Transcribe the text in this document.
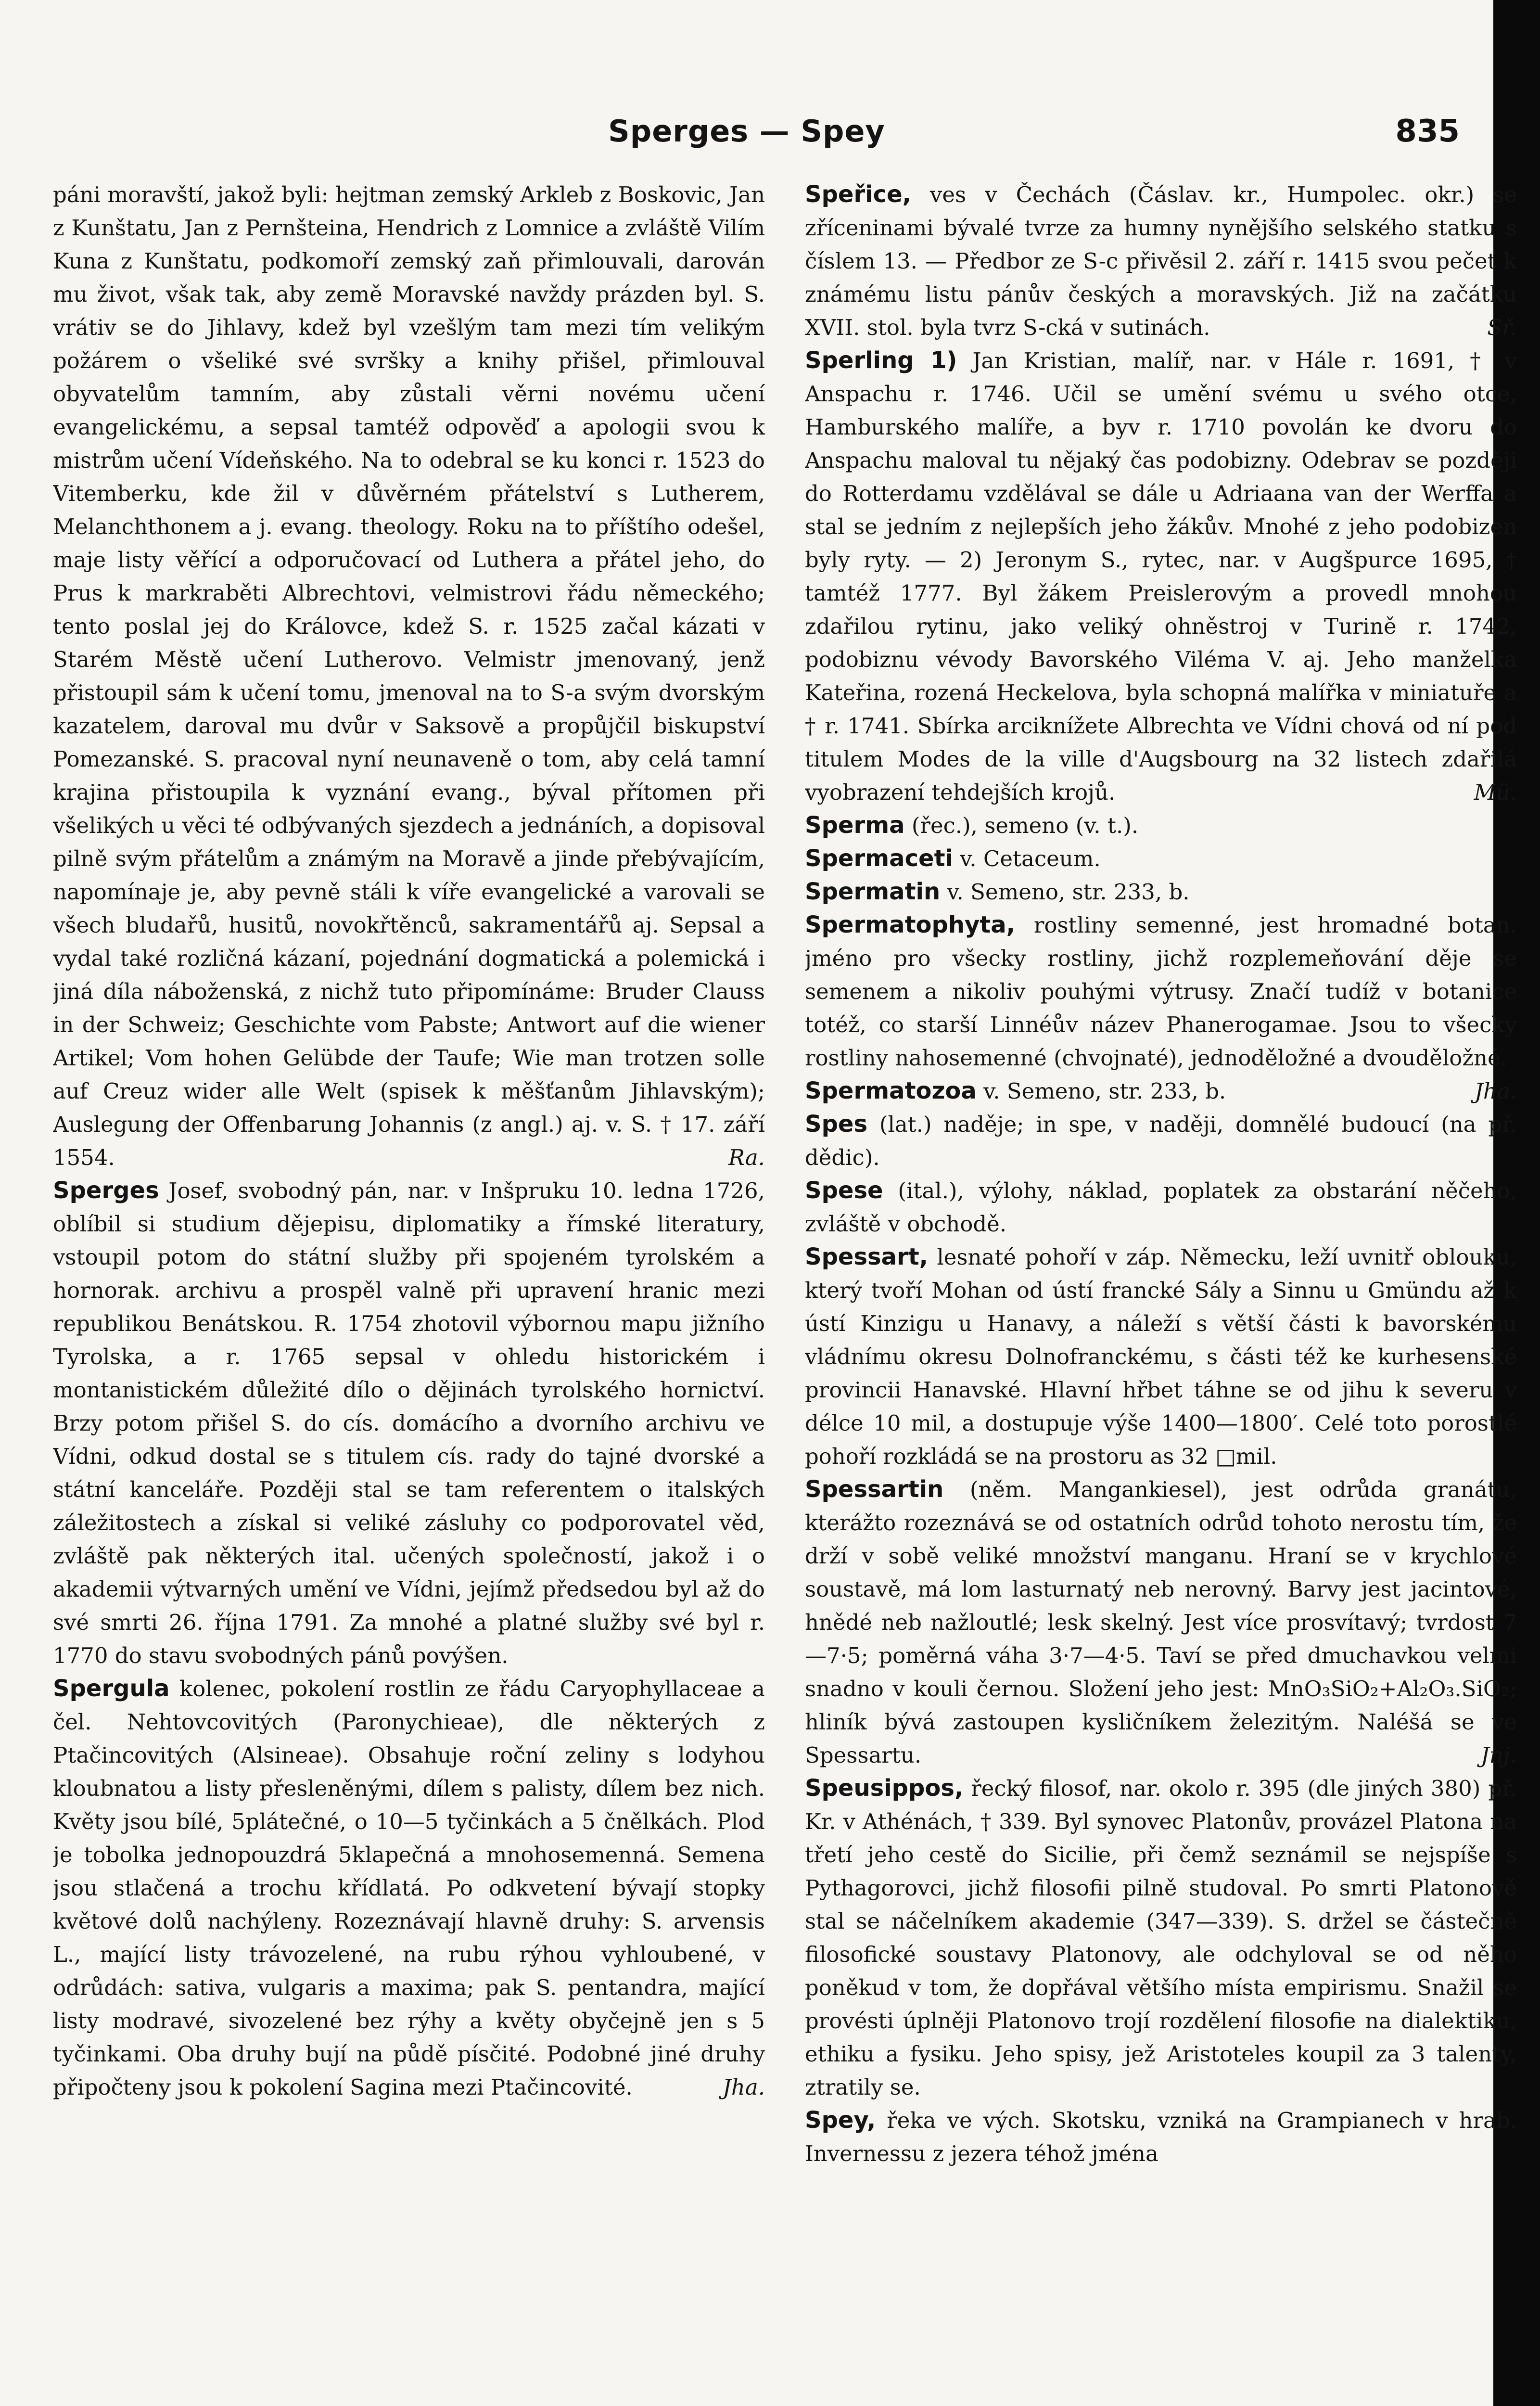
Sperges — Spey	835

páni moravští, jakož byli: hejtman zemský Arkleb z Boskovic, Jan z Kunštatu, Jan z Pernšteina, Hendrich z Lomnice a zvláště Vilím Kuna z Kunštatu, podkomoří zemský zaň přimlouvali, darován mu život, však tak, aby země Moravské navždy prázden byl. S. vrátiv se do Jihlavy, kdež byl vzešlým tam mezi tím velikým požárem o všeliké své svršky a knihy přišel, přimlouval obyvatelům tamním, aby zůstali věrni novému učení evangelickému, a sepsal tamtéž odpověď a apologii svou k mistrům učení Vídeňského. Na to odebral se ku konci r. 1523 do Vitemberku, kde žil v důvěrném přátelství s Lutherem, Melanchthonem a j. evang. theology. Roku na to příštího odešel, maje listy věřící a odporučovací od Luthera a přátel jeho, do Prus k markraběti Albrechtovi, velmistrovi řádu německého; tento poslal jej do Královce, kdež S. r. 1525 začal kázati v Starém Městě učení Lutherovo. Velmistr jmenovaný, jenž přistoupil sám k učení tomu, jmenoval na to S-a svým dvorským kazatelem, daroval mu dvůr v Saksově a propůjčil biskupství Pomezanské. S. pracoval nyní neunaveně o tom, aby celá tamní krajina přistoupila k vyznání evang., býval přítomen při všelikých u věci té odbývaných sjezdech a jednáních, a dopisoval pilně svým přátelům a známým na Moravě a jinde přebývajícím, napomínaje je, aby pevně stáli k víře evangelické a varovali se všech bludařů, husitů, novokřtěnců, sakramentářů aj. Sepsal a vydal také rozličná kázaní, pojednání dogmatická a polemická i jiná díla náboženská, z nichž tuto připomínáme: Bruder Clauss in der Schweiz; Geschichte vom Pabste; Antwort auf die wiener Artikel; Vom hohen Gelübde der Taufe; Wie man trotzen solle auf Creuz wider alle Welt (spisek k měšťanům Jihlavským); Auslegung der Offenbarung Johannis (z angl.) aj. v. S. † 17. září 1554.	Ra.

Sperges Josef, svobodný pán, nar. v Inšpruku 10. ledna 1726, oblíbil si studium dějepisu, diplomatiky a římské literatury, vstoupil potom do státní služby při spojeném tyrolském a hornorak. archivu a prospěl valně při upravení hranic mezi republikou Benátskou. R. 1754 zhotovil výbornou mapu jižního Tyrolska, a r. 1765 sepsal v ohledu historickém i montanistickém důležité dílo o dějinách tyrolského hornictví. Brzy potom přišel S. do cís. domácího a dvorního archivu ve Vídni, odkud dostal se s titulem cís. rady do tajné dvorské a státní kanceláře. Později stal se tam referentem o italských záležitostech a získal si veliké zásluhy co podporovatel věd, zvláště pak některých ital. učených společností, jakož i o akademii výtvarných umění ve Vídni, jejímž předsedou byl až do své smrti 26. října 1791. Za mnohé a platné služby své byl r. 1770 do stavu svobodných pánů povýšen.

Spergula kolenec, pokolení rostlin ze řádu Caryophyllaceae a čel. Nehtovcovitých (Paronychieae), dle některých z Ptačincovitých (Alsineae). Obsahuje roční zeliny s lodyhou kloubnatou a listy přesleněnými, dílem s palisty, dílem bez nich. Květy jsou bílé, 5plátečné, o 10—5 tyčinkách a 5 čnělkách. Plod je tobolka jednopouzdrá 5klapečná a mnohosemenná. Semena jsou stlačená a trochu křídlatá. Po odkvetení bývají stopky květové dolů nachýleny. Rozeznávají hlavně druhy: S. arvensis L., mající listy trávozelené, na rubu rýhou vyhloubené, v odrůdách: sativa, vulgaris a maxima; pak S. pentandra, mající listy modravé, sivozelené bez rýhy a květy obyčejně jen s 5 tyčinkami. Oba druhy bují na půdě písčité. Podobné jiné druhy připočteny jsou k pokolení Sagina mezi Ptačincovité.	Jha.

Speřice, ves v Čechách (Čáslav. kr., Humpolec. okr.) se zříceninami bývalé tvrze za humny nynějšího selského statku s číslem 13. — Předbor ze S-c přivěsil 2. září r. 1415 svou pečeť k známému listu pánův českých a moravských. Již na začátku XVII. stol. byla tvrz S-cká v sutinách.	Sř.

Sperling 1) Jan Kristian, malíř, nar. v Hále r. 1691, † v Anspachu r. 1746. Učil se umění svému u svého otce, Hamburského malíře, a byv r. 1710 povolán ke dvoru do Anspachu maloval tu nějaký čas podobizny. Odebrav se později do Rotterdamu vzdělával se dále u Adriaana van der Werffa a stal se jedním z nejlepších jeho žákův. Mnohé z jeho podobizen byly ryty. — 2) Jeronym S., rytec, nar. v Augšpurce 1695, † tamtéž 1777. Byl žákem Preislerovým a provedl mnohou zdařilou rytinu, jako veliký ohněstroj v Turině r. 1742, podobiznu vévody Bavorského Viléma V. aj. Jeho manželka Kateřina, rozená Heckelova, byla schopná malířka v miniatuře a † r. 1741. Sbírka arciknížete Albrechta ve Vídni chová od ní pod titulem Modes de la ville d'Augsbourg na 32 listech zdařilá vyobrazení tehdejších krojů.	Mü.

Sperma (řec.), semeno (v. t.).

Spermaceti v. Cetaceum.

Spermatin v. Semeno, str. 233, b.

Spermatophyta, rostliny semenné, jest hromadné botan. jméno pro všecky rostliny, jichž rozplemeňování děje se semenem a nikoliv pouhými výtrusy. Značí tudíž v botanice totéž, co starší Linnéův název Phanerogamae. Jsou to všecky rostliny nahosemenné (chvojnaté), jednoděložné a dvouděložné.
Jha.

Spermatozoa v. Semeno, str. 233, b.

Spes (lat.) naděje; in spe, v naději, domnělé budoucí (na př. dědic).

Spese (ital.), výlohy, náklad, poplatek za obstarání něčeho, zvláště v obchodě.

Spessart, lesnaté pohoří v záp. Německu, leží uvnitř oblouku, který tvoří Mohan od ústí francké Sály a Sinnu u Gmündu až k ústí Kinzigu u Hanavy, a náleží s větší části k bavorskému vládnímu okresu Dolnofranckému, s části též ke kurhesenské provincii Hanavské. Hlavní hřbet táhne se od jihu k severu v délce 10 mil, a dostupuje výše 1400—1800′. Celé toto porostlé pohoří rozkládá se na prostoru as 32 □mil.

Spessartin (něm. Mangankiesel), jest odrůda granátu, kterážto rozeznává se od ostatních odrůd tohoto nerostu tím, že drží v sobě veliké množství manganu. Hraní se v krychlové soustavě, má lom lasturnatý neb nerovný. Barvy jest jacintové, hnědé neb nažloutlé; lesk skelný. Jest více prosvítavý; tvrdost 7—7·5; poměrná váha 3·7—4·5. Taví se před dmuchavkou velmi snadno v kouli černou. Složení jeho jest: MnO₃SiO₂+Al₂O₃.SiO₂; hliník bývá zastoupen kysličníkem železitým. Naléšá se ve Spessartu.	Jnj.

Speusippos, řecký filosof, nar. okolo r. 395 (dle jiných 380) př. Kr. v Athénách, † 339. Byl synovec Platonův, provázel Platona na třetí jeho cestě do Sicilie, při čemž seznámil se nejspíše s Pythagorovci, jichž filosofii pilně studoval. Po smrti Platonově stal se náčelníkem akademie (347—339). S. držel se částečně filosofické soustavy Platonovy, ale odchyloval se od něho poněkud v tom, že dopřával většího místa empirismu. Snažil se provésti úplněji Platonovo trojí rozdělení filosofie na dialektiku, ethiku a fysiku. Jeho spisy, jež Aristoteles koupil za 3 talenty, ztratily se.

Spey, řeka ve vých. Skotsku, vzniká na Grampianech v hrab. Invernessu z jezera téhož jména
